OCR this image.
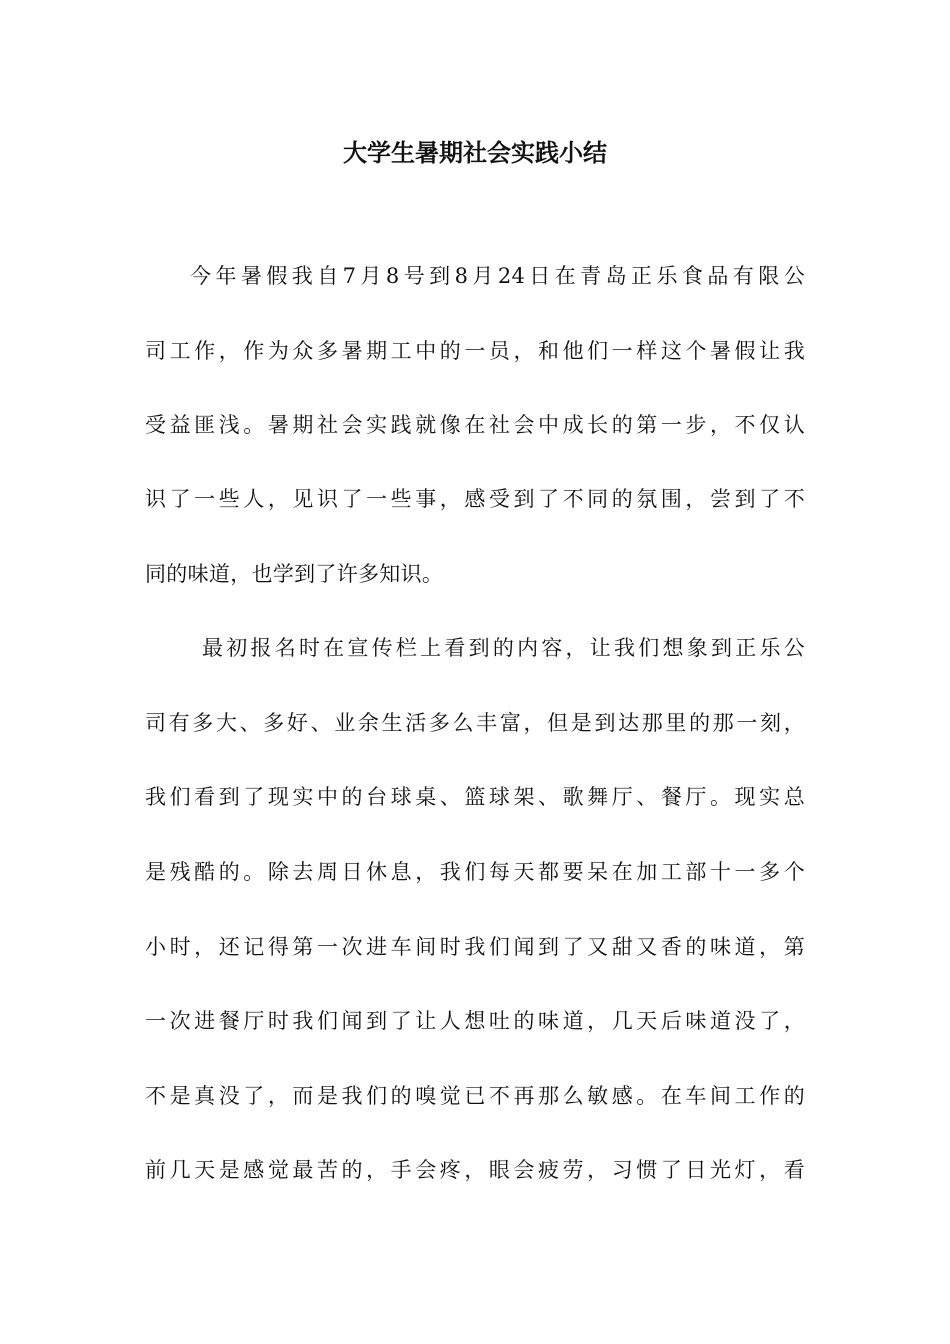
大学生暑期社会实践小结
今年暑假我自7月8号到8月24日在青岛正乐食品有限公
司工作，作为众多暑期工中的一员，和他们一样这个暑假让我
受益匪浅。暑期社会实践就像在社会中成长的第一步，不仅认
识了一些人，见识了一些事，感受到了不同的氛围，尝到了不
同的味道，也学到了许多知识。
最初报名时在宣传栏上看到的内容，让我们想象到正乐公
司有多大、多好、业余生活多么丰富，但是到达那里的那一刻，
我们看到了现实中的台球桌、篮球架、歌舞厅、餐厅。现实总
是残酷的。除去周日休息，我们每天都要呆在加工部十一多个
小时，还记得第一次进车间时我们闻到了又甜又香的味道，第
一次进餐厅时我们闻到了让人想吐的味道，几天后味道没了，
不是真没了，而是我们的嗅觉已不再那么敏感。在车间工作的
前几天是感觉最苦的，手会疼，眼会疲劳，习惯了日光灯，看
